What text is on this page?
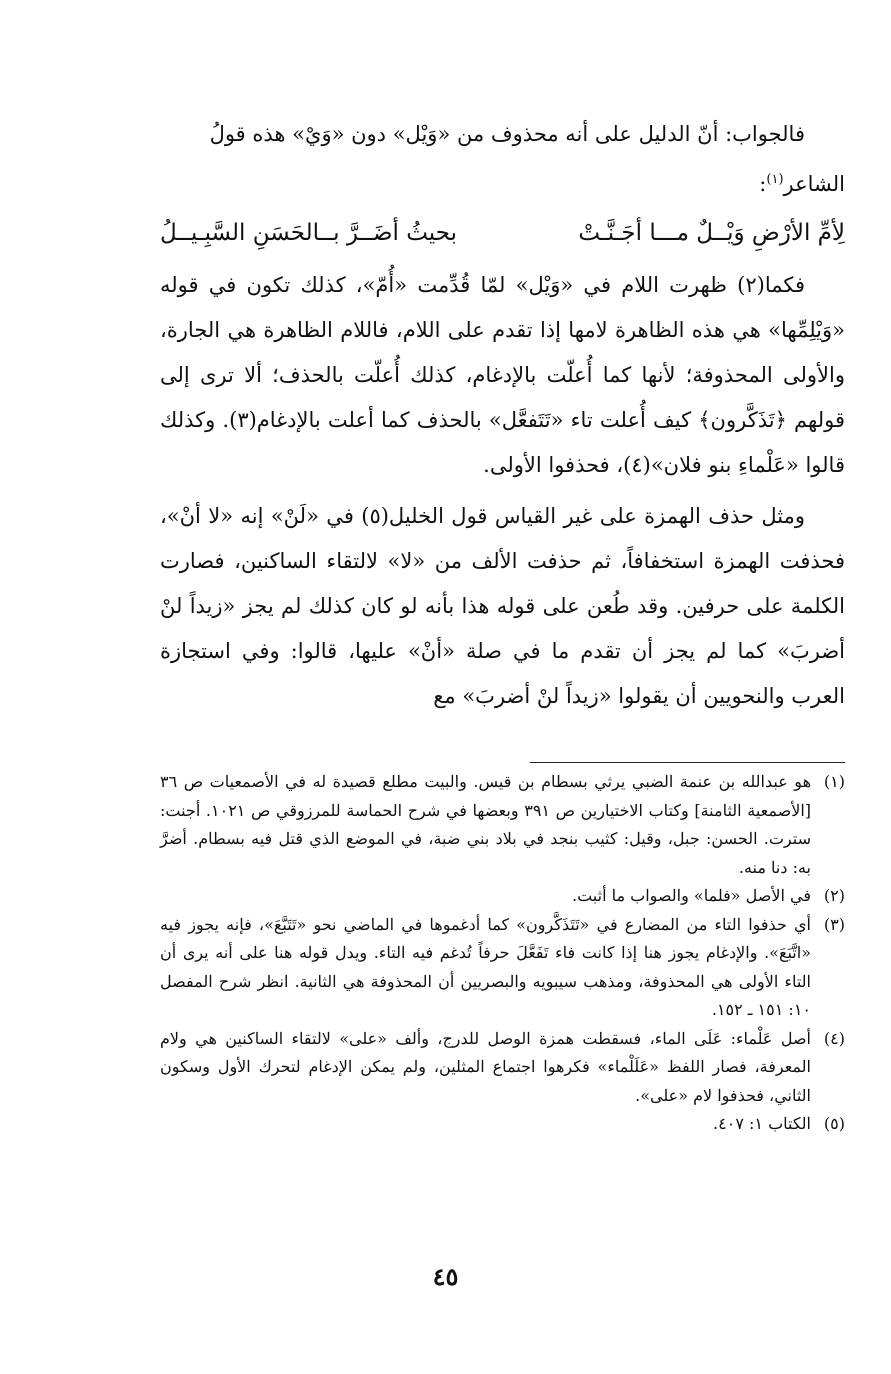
فالجواب: أنّ الدليل على أنه محذوف من «وَيْل» دون «وَيْ» هذه قولُ

الشاعر$^{(١)}$:

لِأمِّ الأرْضِ وَيْــلٌ مـــا أجَـنَّـتْ
بحيثُ أضَــرَّ بــالحَسَنِ السَّبِـيــلُ

فكما(٢) ظهرت اللام في «وَيْل» لمّا قُدِّمت «أُمّ»، كذلك تكون في قوله «وَيْلِمِّها» هي هذه الظاهرة لامها إذا تقدم على اللام، فاللام الظاهرة هي الجارة، والأولى المحذوفة؛ لأنها كما أُعلّت بالإدغام، كذلك أُعلّت بالحذف؛ ألا ترى إلى قولهم ﴿تَذَكَّرون﴾ كيف أُعلت تاء «تَتَفعَّل» بالحذف كما أعلت بالإدغام(٣). وكذلك قالوا «عَلْماءِ بنو فلان»(٤)، فحذفوا الأولى.

ومثل حذف الهمزة على غير القياس قول الخليل(٥) في «لَنْ» إنه «لا أنْ»، فحذفت الهمزة استخفافاً، ثم حذفت الألف من «لا» لالتقاء الساكنين، فصارت الكلمة على حرفين. وقد طُعن على قوله هذا بأنه لو كان كذلك لم يجز «زيداً لنْ أضربَ» كما لم يجز أن تقدم ما في صلة «أنْ» عليها، قالوا: وفي استجازة العرب والنحويين أن يقولوا «زيداً لنْ أضربَ» مع

(١)
هو عبدالله بن عنمة الضبي يرثي بسطام بن قيس. والبيت مطلع قصيدة له في الأصمعيات ص ٣٦ [الأصمعية الثامنة] وكتاب الاختيارين ص ٣٩١ وبعضها في شرح الحماسة للمرزوقي ص ١٠٢١. أجنت: سترت. الحسن: جبل، وقيل: كثيب بنجد في بلاد بني ضبة، في الموضع الذي قتل فيه بسطام. أضرَّ به: دنا منه.
(٢)
في الأصل «فلما» والصواب ما أثبت.
(٣)
أي حذفوا التاء من المضارع في «تَتَذَكَّرون» كما أدغموها في الماضي نحو «تَتَبَّعَ»، فإنه يجوز فيه «اتَّبَعَ». والإدغام يجوز هنا إذا كانت فاء تَفَعَّلَ حرفاً تُدغم فيه التاء. ويدل قوله هنا على أنه يرى أن التاء الأولى هي المحذوفة، ومذهب سيبويه والبصريين أن المحذوفة هي الثانية. انظر شرح المفصل ١٠: ١٥١ ـ ١٥٢.
(٤)
أصل عَلْماء: عَلَى الماء، فسقطت همزة الوصل للدرج، وألف «على» لالتقاء الساكنين هي ولام المعرفة، فصار اللفظ «عَلَلْماء» فكرهوا اجتماع المثلين، ولم يمكن الإدغام لتحرك الأول وسكون الثاني، فحذفوا لام «على».
(٥)
الكتاب ١: ٤٠٧.
٤٥
